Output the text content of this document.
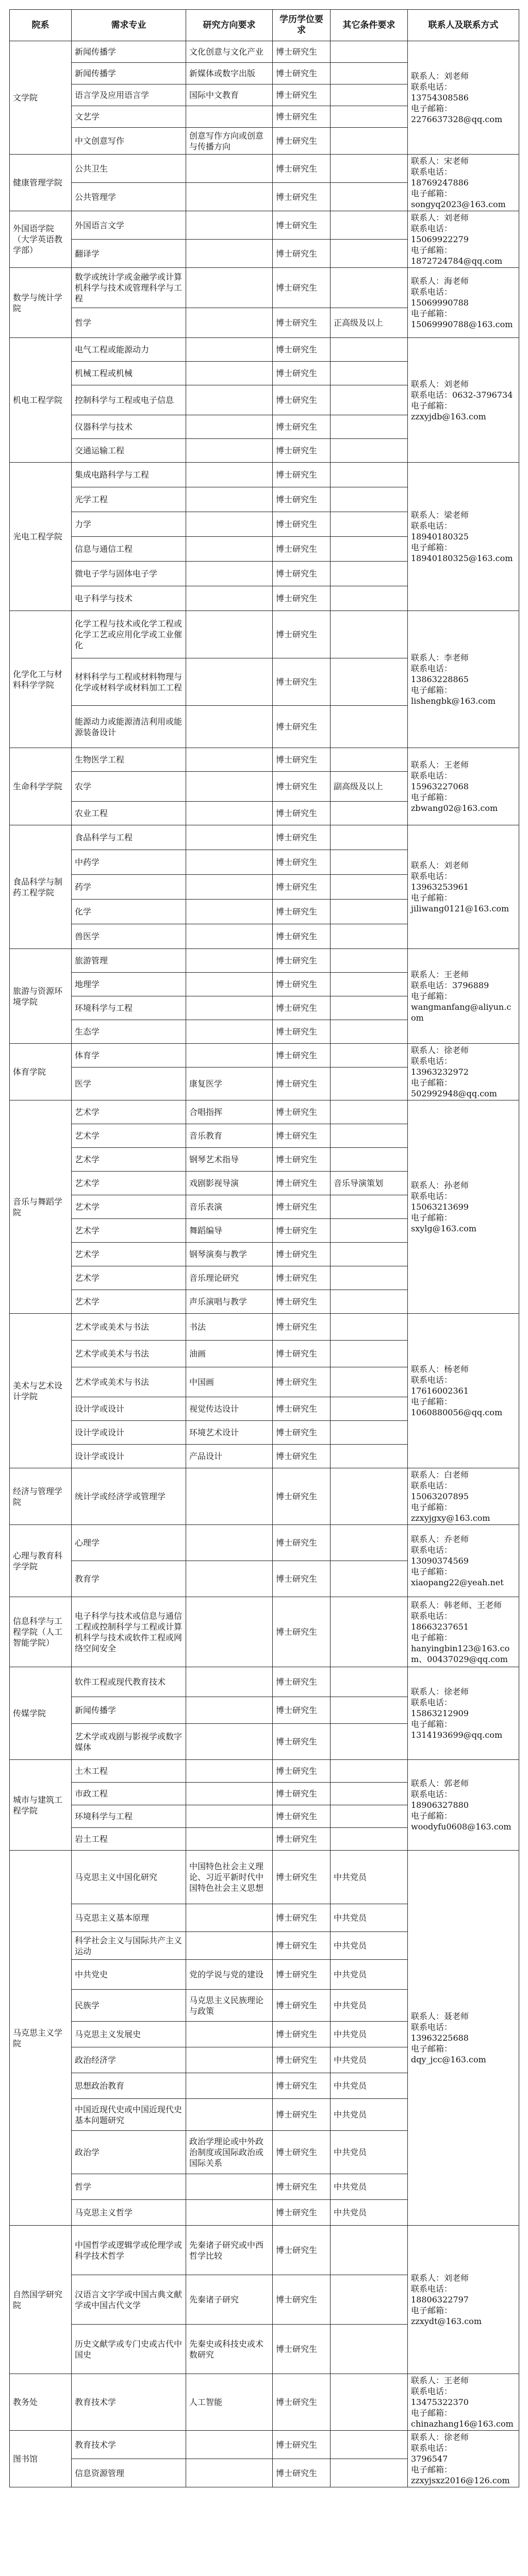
院系	需求专业	研究方向要求	学历学位要求	其它条件要求	联系人及联系方式
文学院	新闻传播学	文化创意与文化产业	博士研究生		联系人：刘老师
联系电话：
13754308586
电子邮箱：
2276637328@qq.com
	新闻传播学	新媒体或数字出版	博士研究生		
	语言学及应用语言学	国际中文教育	博士研究生		
	文艺学		博士研究生		
	中文创意写作	创意写作方向或创意与传播方向	博士研究生		
健康管理学院	公共卫生		博士研究生		联系人：宋老师
联系电话：
18769247886
电子邮箱：
songyq2023@163.com
	公共管理学		博士研究生		
外国语学院（大学英语教学部）	外国语言文学		博士研究生		联系人：刘老师
联系电话：
15069922279
电子邮箱：
1872724784@qq.com
	翻译学		博士研究生		
数学与统计学院	数学或统计学或金融学或计算机科学与技术或管理科学与工程		博士研究生		联系人：海老师
联系电话：
15069990788
电子邮箱：
15069990788@163.com
	哲学		博士研究生	正高级及以上	
机电工程学院	电气工程或能源动力		博士研究生		联系人：刘老师
联系电话：0632-3796734
电子邮箱：
zzxyjdb@163.com
	机械工程或机械		博士研究生		
	控制科学与工程或电子信息		博士研究生		
	仪器科学与技术		博士研究生		
	交通运输工程		博士研究生		
光电工程学院	集成电路科学与工程		博士研究生		联系人：梁老师
联系电话：
18940180325
电子邮箱：
18940180325@163.com
	光学工程		博士研究生		
	力学		博士研究生		
	信息与通信工程		博士研究生		
	微电子学与固体电子学		博士研究生		
	电子科学与技术		博士研究生		
化学化工与材料科学学院	化学工程与技术或化学工程或化学工艺或应用化学或工业催化		博士研究生		联系人：李老师
联系电话：
13863228865
电子邮箱：
lishengbk@163.com
	材料科学与工程或材料物理与化学或材料学或材料加工工程		博士研究生		
	能源动力或能源清洁利用或能源装备设计		博士研究生		
生命科学学院	生物医学工程		博士研究生		联系人：王老师
联系电话：
15963227068
电子邮箱：
zbwang02@163.com
	农学		博士研究生	副高级及以上	
	农业工程		博士研究生		
食品科学与制药工程学院	食品科学与工程		博士研究生		联系人：刘老师
联系电话：
13963253961
电子邮箱：
jiliwang0121@163.com
	中药学		博士研究生		
	药学		博士研究生		
	化学		博士研究生		
	兽医学		博士研究生		
旅游与资源环境学院	旅游管理		博士研究生		联系人：王老师
联系电话：3796889
电子邮箱：
wangmanfang@aliyun.com
	地理学		博士研究生		
	环境科学与工程		博士研究生		
	生态学		博士研究生		
体育学院	体育学		博士研究生		联系人：徐老师
联系电话：
13963232972
电子邮箱：
502992948@qq.com
	医学	康复医学	博士研究生		
音乐与舞蹈学院	艺术学	合唱指挥	博士研究生		联系人：孙老师
联系电话：
15063213699
电子邮箱：
sxylg@163.com
	艺术学	音乐教育	博士研究生		
	艺术学	钢琴艺术指导	博士研究生		
	艺术学	戏剧影视导演	博士研究生	音乐导演策划	
	艺术学	音乐表演	博士研究生		
	艺术学	舞蹈编导	博士研究生		
	艺术学	钢琴演奏与教学	博士研究生		
	艺术学	音乐理论研究	博士研究生		
	艺术学	声乐演唱与教学	博士研究生		
美术与艺术设计学院	艺术学或美术与书法	书法	博士研究生		联系人：杨老师
联系电话：
17616002361
电子邮箱：
1060880056@qq.com
	艺术学或美术与书法	油画	博士研究生		
	艺术学或美术与书法	中国画	博士研究生		
	设计学或设计	视觉传达设计	博士研究生		
	设计学或设计	环境艺术设计	博士研究生		
	设计学或设计	产品设计	博士研究生		
经济与管理学院	统计学或经济学或管理学		博士研究生		联系人：白老师
联系电话：
15063207895
电子邮箱：
zzxyjgxy@163.com
心理与教育科学学院	心理学		博士研究生		联系人：乔老师
联系电话：
13090374569
电子邮箱：
xiaopang22@yeah.net
	教育学		博士研究生		
信息科学与工程学院（人工智能学院）	电子科学与技术或信息与通信工程或控制科学与工程或计算机科学与技术或软件工程或网络空间安全		博士研究生		联系人：韩老师、王老师
联系电话：
18663237651
电子邮箱：
hanyingbin123@163.com、00437029@qq.com
传媒学院	软件工程或现代教育技术		博士研究生		联系人：徐老师
联系电话：
15863212909
电子邮箱：
1314193699@qq.com
	新闻传播学		博士研究生		
	艺术学或戏剧与影视学或数字媒体		博士研究生		
城市与建筑工程学院	土木工程		博士研究生		联系人：郭老师
联系电话：
18906327880
电子邮箱：
woodyfu0608@163.com
	市政工程		博士研究生		
	环境科学与工程		博士研究生		
	岩土工程		博士研究生		
马克思主义学院	马克思主义中国化研究	中国特色社会主义理论、习近平新时代中国特色社会主义思想	博士研究生	中共党员	联系人：聂老师
联系电话：
13963225688
电子邮箱：
dqy_jcc@163.com
	马克思主义基本原理		博士研究生	中共党员	
	科学社会主义与国际共产主义运动		博士研究生	中共党员	
	中共党史	党的学说与党的建设	博士研究生	中共党员	
	民族学	马克思主义民族理论与政策	博士研究生	中共党员	
	马克思主义发展史		博士研究生	中共党员	
	政治经济学		博士研究生	中共党员	
	思想政治教育		博士研究生	中共党员	
	中国近现代史或中国近现代史基本问题研究		博士研究生	中共党员	
	政治学	政治学理论或中外政治制度或国际政治或国际关系	博士研究生	中共党员	
	哲学		博士研究生	中共党员	
	马克思主义哲学		博士研究生	中共党员	
自然国学研究院	中国哲学或逻辑学或伦理学或科学技术哲学	先秦诸子研究或中西哲学比较	博士研究生		联系人：刘老师
联系电话：
18806322797
电子邮箱：
zzxydt@163.com
	汉语言文字学或中国古典文献学或中国古代文学	先秦诸子研究	博士研究生		
	历史文献学或专门史或古代中国史	先秦史或科技史或术数研究	博士研究生		
教务处	教育技术学	人工智能	博士研究生		联系人：王老师
联系电话：
13475322370
电子邮箱：
chinazhang16@163.com
图书馆	教育技术学		博士研究生		联系人：徐老师
联系电话：
3796547
电子邮箱：
zzxyjsxz2016@126.com
	信息资源管理		博士研究生		
